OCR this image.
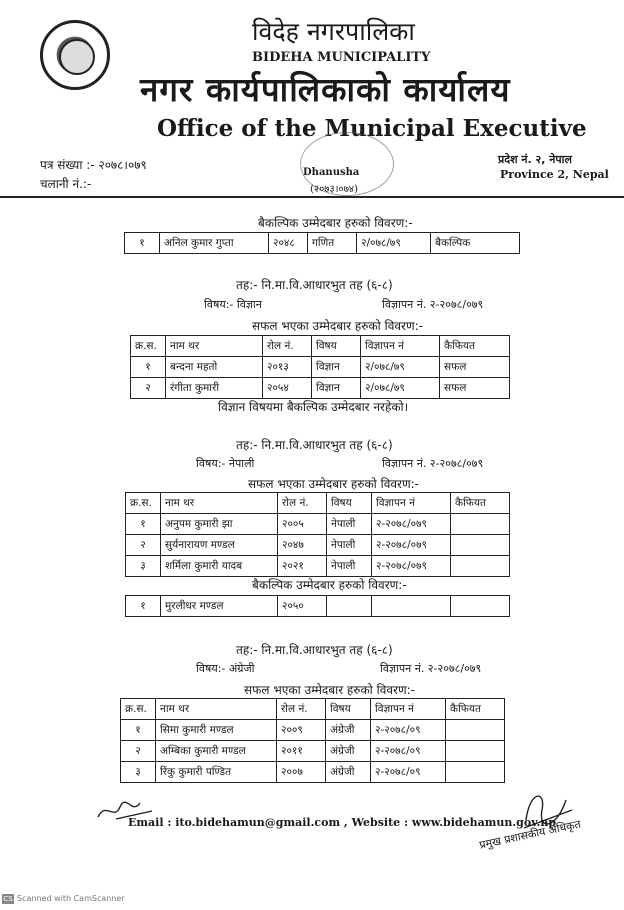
विदेह नगरपालिका
BIDEHA MUNICIPALITY
नगर कार्यपालिकाको कार्यालय
Office of the Municipal Executive
पत्र संख्या :- २०७८।०७९
चलानी नं.:-
Dhanusha
(२०७३।०७४)
प्रदेश नं. २, नेपाल
Province 2, Nepal
बैकल्पिक उम्मेदबार हरुको विवरण:-
१	अनिल कुमार गुप्ता	२०४८	गणित	२/०७८/७९	बैकल्पिक
तह:- नि.मा.वि.आधारभुत तह (६-८)
विषय:- विज्ञान	विज्ञापन नं. २-२०७८/०७९
सफल भएका उम्मेदबार हरुको विवरण:-
क्र.स.	नाम थर	रोल नं.	विषय	विज्ञापन नं	कैफियत
१	बन्दना महतो	२०१३	विज्ञान	२/०७८/७९	सफल
२	रंगीता कुमारी	२०५४	विज्ञान	२/०७८/७९	सफल
विज्ञान विषयमा बैकल्पिक उम्मेदबार नरहेको।
तह:- नि.मा.वि.आधारभुत तह (६-८)
विषय:- नेपाली	विज्ञापन नं. २-२०७८/०७९
सफल भएका उम्मेदबार हरुको विवरण:-
क्र.स.	नाम थर	रोल नं.	विषय	विज्ञापन नं	कैफियत
१	अनुपम कुमारी झा	२००५	नेपाली	२-२०७८/०७९	
२	सुर्यनारायण मण्डल	२०४७	नेपाली	२-२०७८/०७९	
३	शर्मिला कुमारी यादब	२०२१	नेपाली	२-२०७८/०७९	
बैकल्पिक उम्मेदबार हरुको विवरण:-
१	मुरलीधर मण्डल	२०५०			
तह:- नि.मा.वि.आधारभुत तह (६-८)
विषय:- अंग्रेजी	विज्ञापन नं. २-२०७८/०७९
सफल भएका उम्मेदबार हरुको विवरण:-
क्र.स.	नाम थर	रोल नं.	विषय	विज्ञापन नं	कैफियत
१	सिमा कुमारी मण्डल	२००९	अंग्रेजी	२-२०७८/०९	
२	अम्बिका कुमारी मण्डल	२०११	अंग्रेजी	२-२०७८/०९	
३	रिंकु कुमारी पण्डित	२००७	अंग्रेजी	२-२०७८/०९	
Email : ito.bidehamun@gmail.com , Website : www.bidehamun.gov.np
प्रमुख प्रशासकीय अधिकृत
CS Scanned with CamScanner
